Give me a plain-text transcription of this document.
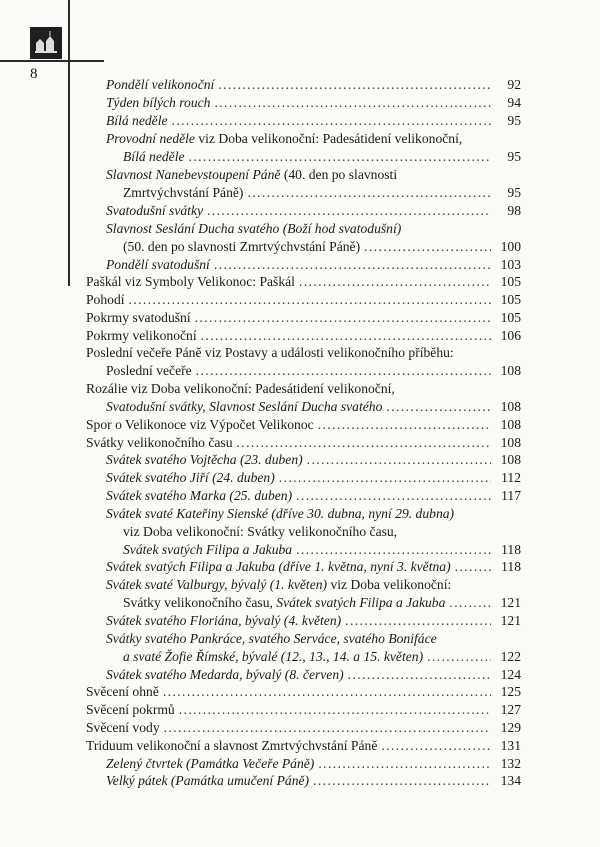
8
Pondělí velikonoční . . .	92
Týden bílých rouch . . .	94
Bílá neděle . . .	95
Provodní neděle viz Doba velikonoční: Padesátidení velikonoční,
Bílá neděle . . .	95
Slavnost Nanebevstoupení Páně (40. den po slavnosti
Zmrtvýchvstání Páně) . . .	95
Svatodušní svátky . . .	98
Slavnost Seslání Ducha svatého (Boží hod svatodušní)
(50. den po slavnosti Zmrtvýchvstání Páně) . . .	100
Pondělí svatodušní . . .	103
Paškál viz Symboly Velikonoc: Paškál . . .	105
Pohodí . . .	105
Pokrmy svatodušní . . .	105
Pokrmy velikonoční . . .	106
Poslední večeře Páně viz Postavy a události velikonočního příběhu:
Poslední večeře . . .	108
Rozálie viz Doba velikonoční: Padesátidení velikonoční,
Svatodušní svátky, Slavnost Seslání Ducha svatého . . .	108
Spor o Velikonoce viz Výpočet Velikonoc . . .	108
Svátky velikonočního času . . .	108
Svátek svatého Vojtěcha (23. duben) . . .	108
Svátek svatého Jiří (24. duben) . . .	112
Svátek svatého Marka (25. duben) . . .	117
Svátek svaté Kateřiny Sienské (dříve 30. dubna, nyní 29. dubna)
viz Doba velikonoční: Svátky velikonočního času,
Svátek svatých Filipa a Jakuba . . .	118
Svátek svatých Filipa a Jakuba (dříve 1. května, nyní 3. května) . . .	118
Svátek svaté Valburgy, bývalý (1. květen) viz Doba velikonoční:
Svátky velikonočního času, Svátek svatých Filipa a Jakuba . . .	121
Svátek svatého Floriána, bývalý (4. květen) . . .	121
Svátky svatého Pankráce, svatého Serváce, svatého Bonifáce
a svaté Žofie Římské, bývalé (12., 13., 14. a 15. květen) . . .	122
Svátek svatého Medarda, bývalý (8. červen) . . .	124
Svěcení ohně . . .	125
Svěcení pokrmů . . .	127
Svěcení vody . . .	129
Triduum velikonoční a slavnost Zmrtvýchvstání Páně . . .	131
Zelený čtvrtek (Památka Večeře Páně) . . .	132
Velký pátek (Památka umučení Páně) . . .	134
